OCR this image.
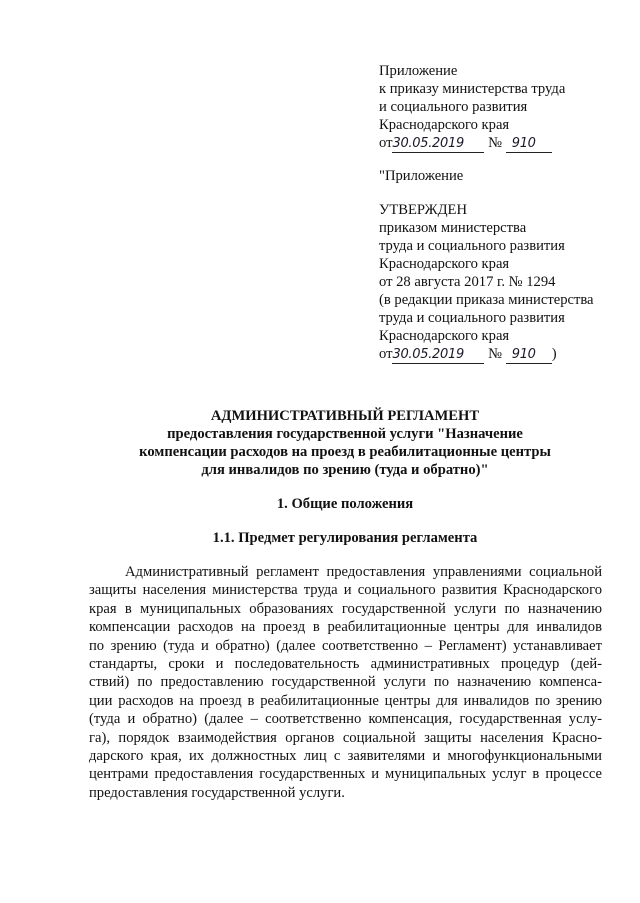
Приложение
к приказу министерства труда
и социального развития
Краснодарского края
от30.05.2019 № 910
"Приложение
УТВЕРЖДЕН
приказом министерства
труда и социального развития
Краснодарского края
от 28 августа 2017 г. № 1294
(в редакции приказа министерства
труда и социального развития
Краснодарского края
от30.05.2019 № 910 )
АДМИНИСТРАТИВНЫЙ РЕГЛАМЕНТ
предоставления государственной услуги "Назначение
компенсации расходов на проезд в реабилитационные центры
для инвалидов по зрению (туда и обратно)"
1. Общие положения
1.1. Предмет регулирования регламента
Административный регламент предоставления управлениями социальной
защиты населения министерства труда и социального развития Краснодарского
края в муниципальных образованиях государственной услуги по назначению
компенсации расходов на проезд в реабилитационные центры для инвалидов
по зрению (туда и обратно) (далее соответственно – Регламент) устанавливает
стандарты, сроки и последовательность административных процедур (дей-
ствий) по предоставлению государственной услуги по назначению компенса-
ции расходов на проезд в реабилитационные центры для инвалидов по зрению
(туда и обратно) (далее – соответственно компенсация, государственная услу-
га), порядок взаимодействия органов социальной защиты населения Красно-
дарского края, их должностных лиц с заявителями и многофункциональными
центрами предоставления государственных и муниципальных услуг в процессе
предоставления государственной услуги.
